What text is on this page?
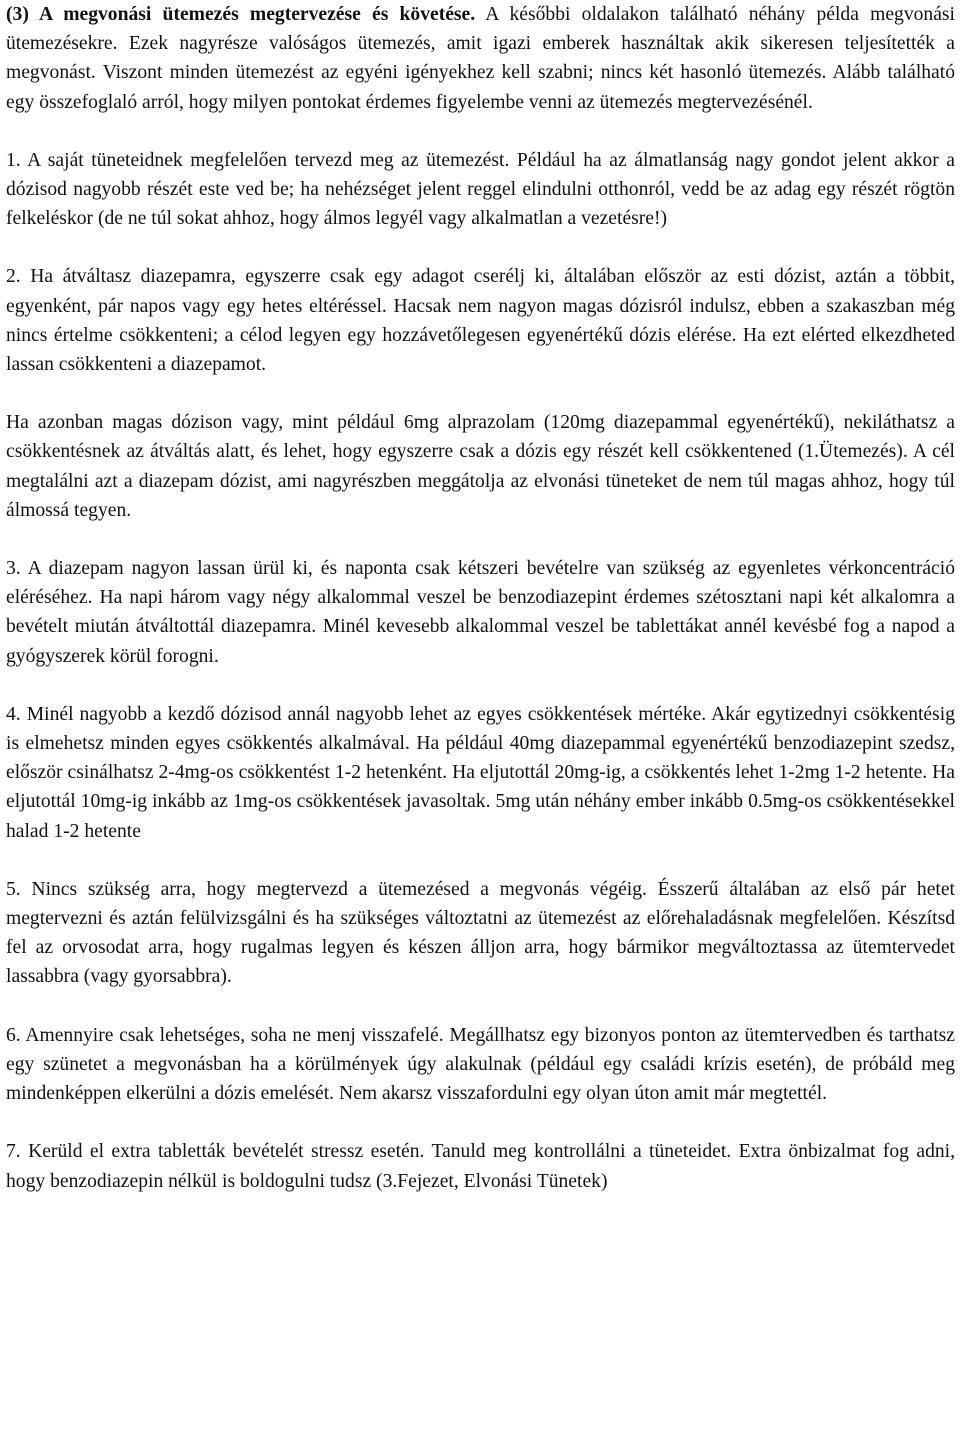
(3) A megvonási ütemezés megtervezése és követése. A későbbi oldalakon található néhány példa megvonási ütemezésekre. Ezek nagyrésze valóságos ütemezés, amit igazi emberek használtak akik sikeresen teljesítették a megvonást. Viszont minden ütemezést az egyéni igényekhez kell szabni; nincs két hasonló ütemezés. Alább található egy összefoglaló arról, hogy milyen pontokat érdemes figyelembe venni az ütemezés megtervezésénél.

1. A saját tüneteidnek megfelelően tervezd meg az ütemezést. Például ha az álmatlanság nagy gondot jelent akkor a dózisod nagyobb részét este ved be; ha nehézséget jelent reggel elindulni otthonról, vedd be az adag egy részét rögtön felkeléskor (de ne túl sokat ahhoz, hogy álmos legyél vagy alkalmatlan a vezetésre!)

2. Ha átváltasz diazepamra, egyszerre csak egy adagot cserélj ki, általában először az esti dózist, aztán a többit, egyenként, pár napos vagy egy hetes eltéréssel. Hacsak nem nagyon magas dózisról indulsz, ebben a szakaszban még nincs értelme csökkenteni; a célod legyen egy hozzávetőlegesen egyenértékű dózis elérése. Ha ezt elérted elkezdheted lassan csökkenteni a diazepamot.

Ha azonban magas dózison vagy, mint például 6mg alprazolam (120mg diazepammal egyenértékű), nekiláthatsz a csökkentésnek az átváltás alatt, és lehet, hogy egyszerre csak a dózis egy részét kell csökkentened (1.Ütemezés). A cél megtalálni azt a diazepam dózist, ami nagyrészben meggátolja az elvonási tüneteket de nem túl magas ahhoz, hogy túl álmossá tegyen.

3. A diazepam nagyon lassan ürül ki, és naponta csak kétszeri bevételre van szükség az egyenletes vérkoncentráció eléréséhez. Ha napi három vagy négy alkalommal veszel be benzodiazepint érdemes szétosztani napi két alkalomra a bevételt miután átváltottál diazepamra. Minél kevesebb alkalommal veszel be tablettákat annél kevésbé fog a napod a gyógyszerek körül forogni.

4. Minél nagyobb a kezdő dózisod annál nagyobb lehet az egyes csökkentések mértéke. Akár egytizednyi csökkentésig is elmehetsz minden egyes csökkentés alkalmával. Ha például 40mg diazepammal egyenértékű benzodiazepint szedsz, először csinálhatsz 2-4mg-os csökkentést 1-2 hetenként. Ha eljutottál 20mg-ig, a csökkentés lehet 1-2mg 1-2 hetente. Ha eljutottál 10mg-ig inkább az 1mg-os csökkentések javasoltak. 5mg után néhány ember inkább 0.5mg-os csökkentésekkel halad 1-2 hetente

5. Nincs szükség arra, hogy megtervezd a ütemezésed a megvonás végéig. Ésszerű általában az első pár hetet megtervezni és aztán felülvizsgálni és ha szükséges változtatni az ütemezést az előrehaladásnak megfelelően. Készítsd fel az orvosodat arra, hogy rugalmas legyen és készen álljon arra, hogy bármikor megváltoztassa az ütemtervedet lassabbra (vagy gyorsabbra).

6. Amennyire csak lehetséges, soha ne menj visszafelé. Megállhatsz egy bizonyos ponton az ütemtervedben és tarthatsz egy szünetet a megvonásban ha a körülmények úgy alakulnak (például egy családi krízis esetén), de próbáld meg mindenképpen elkerülni a dózis emelését. Nem akarsz visszafordulni egy olyan úton amit már megtettél.

7. Kerüld el extra tabletták bevételét stressz esetén. Tanuld meg kontrollálni a tüneteidet. Extra önbizalmat fog adni, hogy benzodiazepin nélkül is boldogulni tudsz (3.Fejezet, Elvonási Tünetek)
